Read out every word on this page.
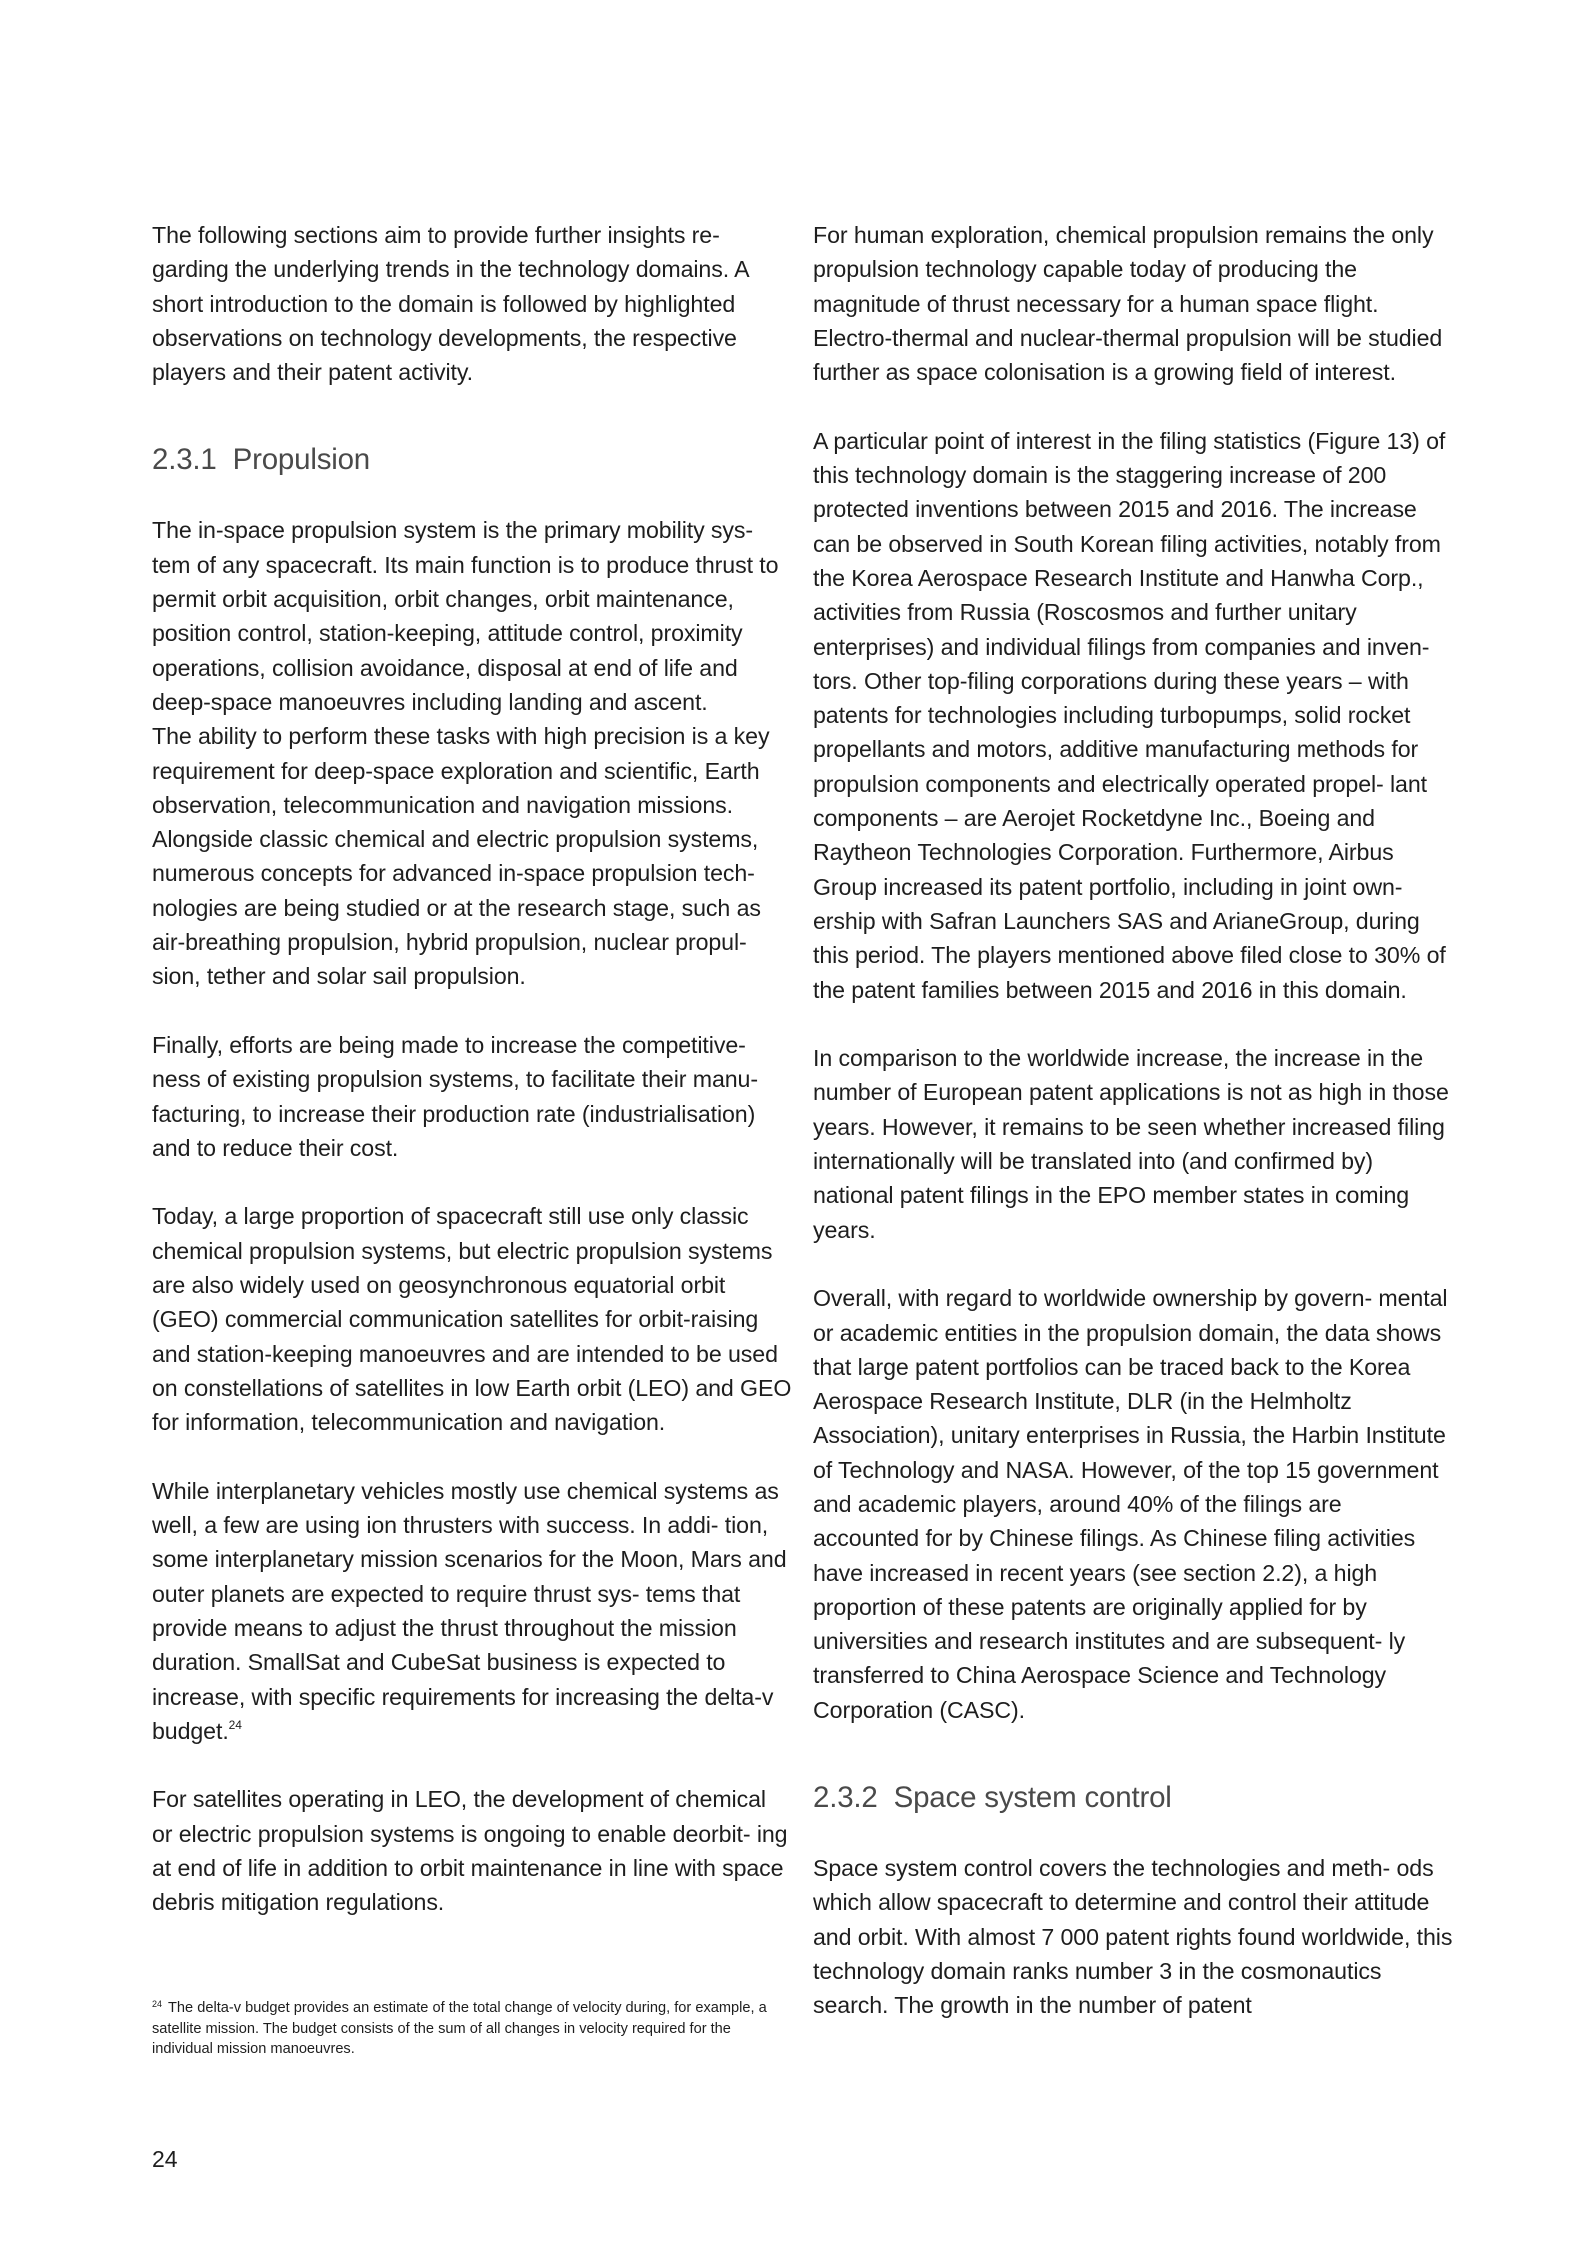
The following sections aim to provide further insights re- garding the underlying trends in the technology domains. A short introduction to the domain is followed by highlighted observations on technology developments, the respective players and their patent activity.

2.3.1 Propulsion

The in-space propulsion system is the primary mobility sys- tem of any spacecraft. Its main function is to produce thrust to permit orbit acquisition, orbit changes, orbit maintenance, position control, station-keeping, attitude control, proximity operations, collision avoidance, disposal at end of life and deep-space manoeuvres including landing and ascent.

The ability to perform these tasks with high precision is a key requirement for deep-space exploration and scientific, Earth observation, telecommunication and navigation missions. Alongside classic chemical and electric propulsion systems, numerous concepts for advanced in-space propulsion tech- nologies are being studied or at the research stage, such as air-breathing propulsion, hybrid propulsion, nuclear propul- sion, tether and solar sail propulsion.

Finally, efforts are being made to increase the competitive- ness of existing propulsion systems, to facilitate their manu- facturing, to increase their production rate (industrialisation) and to reduce their cost.

Today, a large proportion of spacecraft still use only classic chemical propulsion systems, but electric propulsion systems are also widely used on geosynchronous equatorial orbit (GEO) commercial communication satellites for orbit-raising and station-keeping manoeuvres and are intended to be used on constellations of satellites in low Earth orbit (LEO) and GEO for information, telecommunication and navigation.

While interplanetary vehicles mostly use chemical systems as well, a few are using ion thrusters with success. In addi- tion, some interplanetary mission scenarios for the Moon, Mars and outer planets are expected to require thrust sys- tems that provide means to adjust the thrust throughout the mission duration. SmallSat and CubeSat business is expected to increase, with specific requirements for increasing the delta-v budget.$^{24}$

For satellites operating in LEO, the development of chemical or electric propulsion systems is ongoing to enable deorbit- ing at end of life in addition to orbit maintenance in line with space debris mitigation regulations.

For human exploration, chemical propulsion remains the only propulsion technology capable today of producing the magnitude of thrust necessary for a human space flight. Electro-thermal and nuclear-thermal propulsion will be studied further as space colonisation is a growing field of interest.

A particular point of interest in the filing statistics (Figure 13) of this technology domain is the staggering increase of 200 protected inventions between 2015 and 2016. The increase can be observed in South Korean filing activities, notably from the Korea Aerospace Research Institute and Hanwha Corp., activities from Russia (Roscosmos and further unitary enterprises) and individual filings from companies and inven- tors. Other top-filing corporations during these years – with patents for technologies including turbopumps, solid rocket propellants and motors, additive manufacturing methods for propulsion components and electrically operated propel- lant components – are Aerojet Rocketdyne Inc., Boeing and Raytheon Technologies Corporation. Furthermore, Airbus Group increased its patent portfolio, including in joint own- ership with Safran Launchers SAS and ArianeGroup, during this period. The players mentioned above filed close to 30% of the patent families between 2015 and 2016 in this domain.

In comparison to the worldwide increase, the increase in the number of European patent applications is not as high in those years. However, it remains to be seen whether increased filing internationally will be translated into (and confirmed by) national patent filings in the EPO member states in coming years.

Overall, with regard to worldwide ownership by govern- mental or academic entities in the propulsion domain, the data shows that large patent portfolios can be traced back to the Korea Aerospace Research Institute, DLR (in the Helmholtz Association), unitary enterprises in Russia, the Harbin Institute of Technology and NASA. However, of the top 15 government and academic players, around 40% of the filings are accounted for by Chinese filings. As Chinese filing activities have increased in recent years (see section 2.2), a high proportion of these patents are originally applied for by universities and research institutes and are subsequent- ly transferred to China Aerospace Science and Technology Corporation (CASC).

2.3.2 Space system control

Space system control covers the technologies and meth- ods which allow spacecraft to determine and control their attitude and orbit. With almost 7 000 patent rights found worldwide, this technology domain ranks number 3 in the cosmonautics search. The growth in the number of patent

$^{24}$ The delta-v budget provides an estimate of the total change of velocity during, for example, a satellite mission. The budget consists of the sum of all changes in velocity required for the individual mission manoeuvres.
24
